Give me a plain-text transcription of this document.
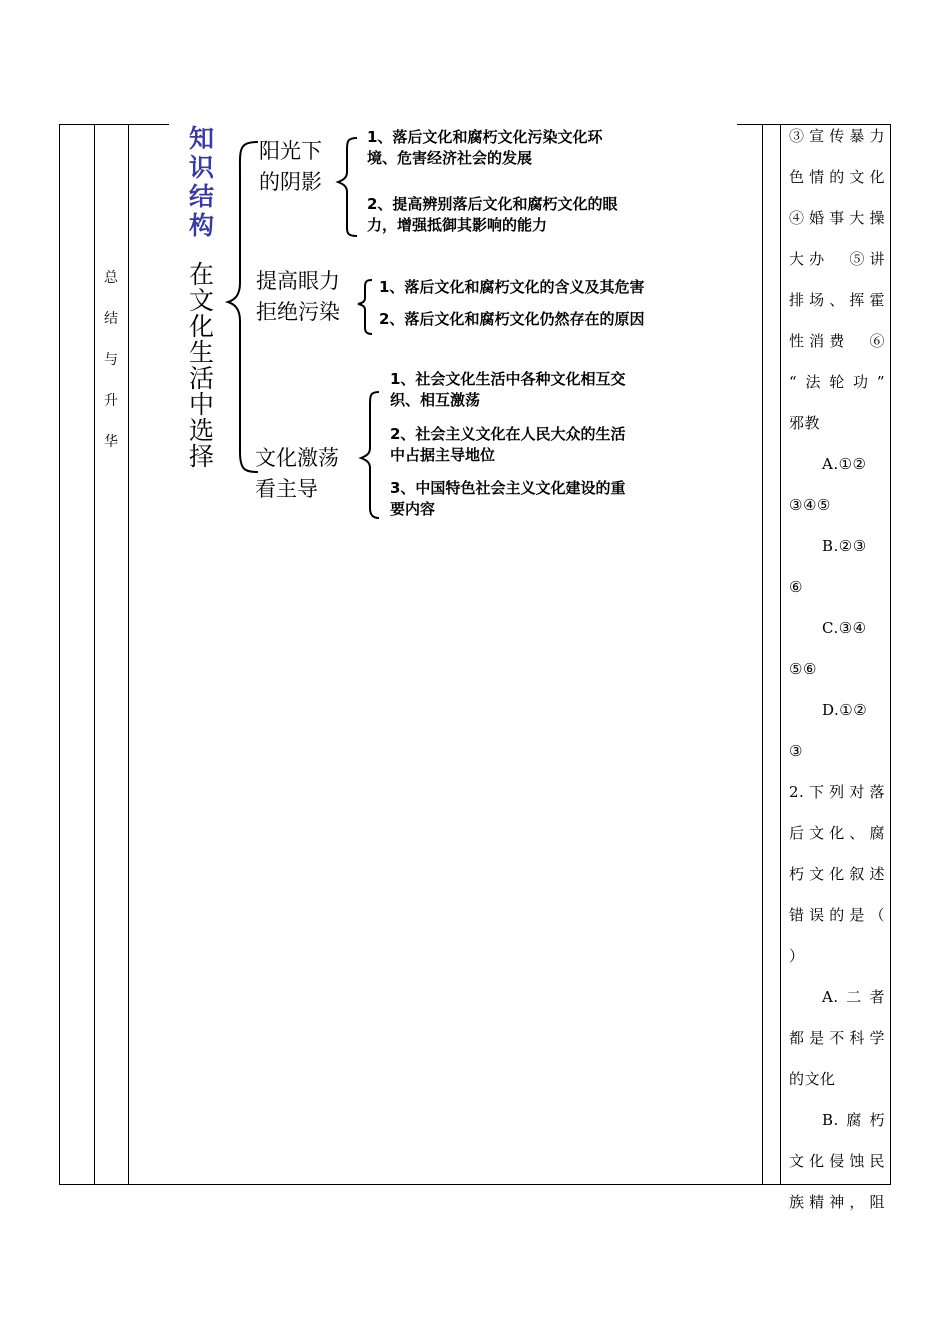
总
结
与
升
华
知
识
结
构
在
文
化
生
活
中
选
择
阳光下
的阴影
提高眼力
拒绝污染
文化激荡
看主导
1、落后文化和腐朽文化污染文化环
境、危害经济社会的发展
2、提高辨别落后文化和腐朽文化的眼
力，增强抵御其影响的能力
1、落后文化和腐朽文化的含义及其危害
2、落后文化和腐朽文化仍然存在的原因
1、社会文化生活中各种文化相互交
织、相互激荡
2、社会主义文化在人民大众的生活
中占据主导地位
3、中国特色社会主义文化建设的重
要内容
③宣传暴力
色情的文化
④婚事大操
大办　⑤讲
排场、挥霍
性消费　⑥
“法轮功”
邪教
A.①②
③④⑤
B.②③
⑥
C.③④
⑤⑥
D.①②
③
2.下列对落
后文化、腐
朽文化叙述
错误的是（
）
A.二者
都是不科学
的文化
B.腐朽
文化侵蚀民
族精神，阻
